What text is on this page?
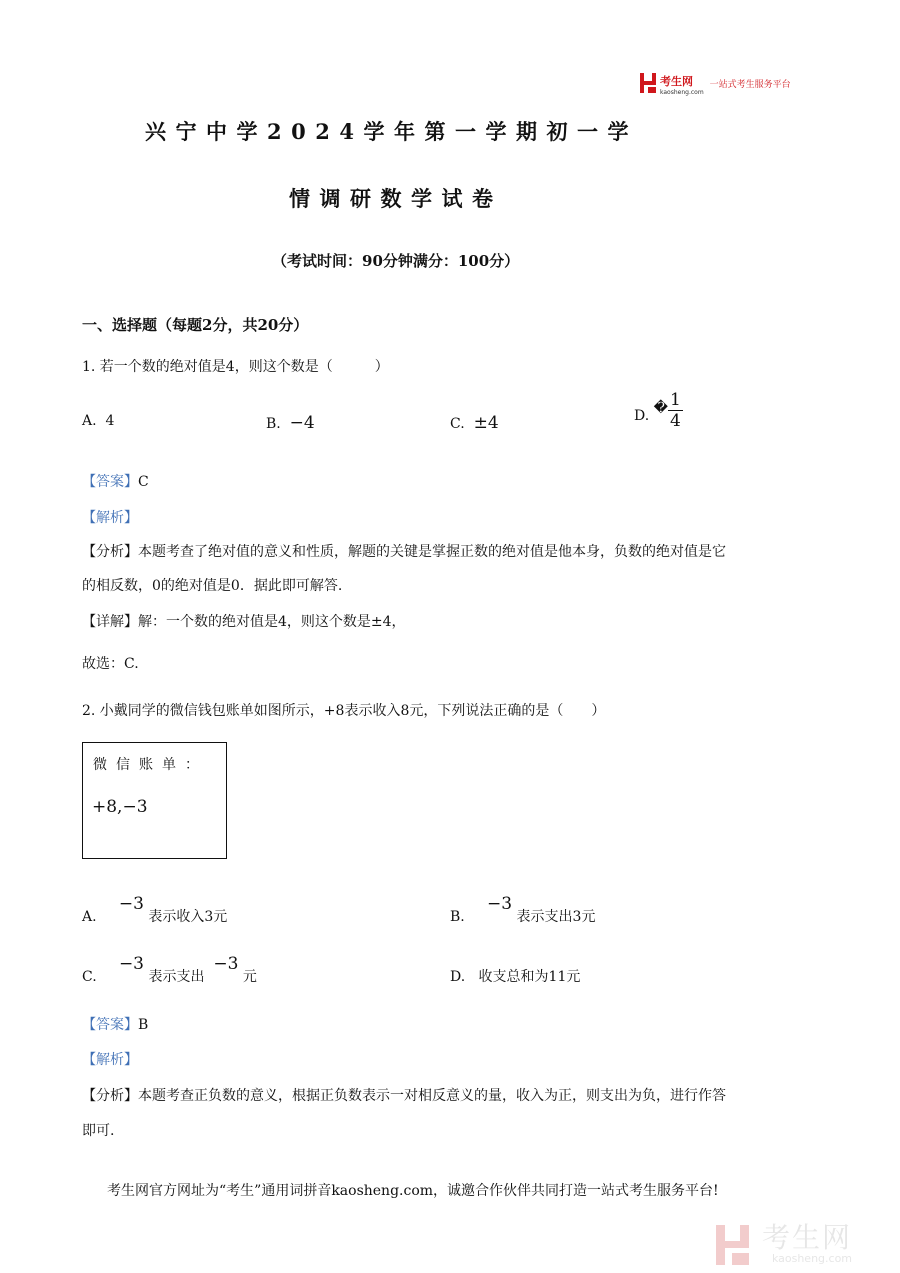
考生网
kaosheng.com
一站式考生服务平台
兴宁中学2024学年第一学期初一学
情调研数学试卷
（考试时间：90分钟满分：100分）
一、选择题（每题2分，共20分）
1. 若一个数的绝对值是4，则这个数是（　　　）
A. 4	B. −4	C. ±4	D.
� $\frac{1}{4}$
【答案】C
【解析】
【分析】本题考查了绝对值的意义和性质，解题的关键是掌握正数的绝对值是他本身，负数的绝对值是它
的相反数，0的绝对值是0．据此即可解答.
【详解】解：一个数的绝对值是4，则这个数是±4，
故选：C.
2. 小戴同学的微信钱包账单如图所示，+8表示收入8元，下列说法正确的是（　　）
微信账单：
+8,−3
A.     −3 表示收入3元	B.     −3 表示支出3元
C.     −3 表示支出  −3 元	D. 收支总和为11元
【答案】B
【解析】
【分析】本题考查正负数的意义，根据正负数表示一对相反意义的量，收入为正，则支出为负，进行作答
即可.
考生网官方网址为“考生”通用词拼音kaosheng.com，诚邀合作伙伴共同打造一站式考生服务平台!
考生网
kaosheng.com
